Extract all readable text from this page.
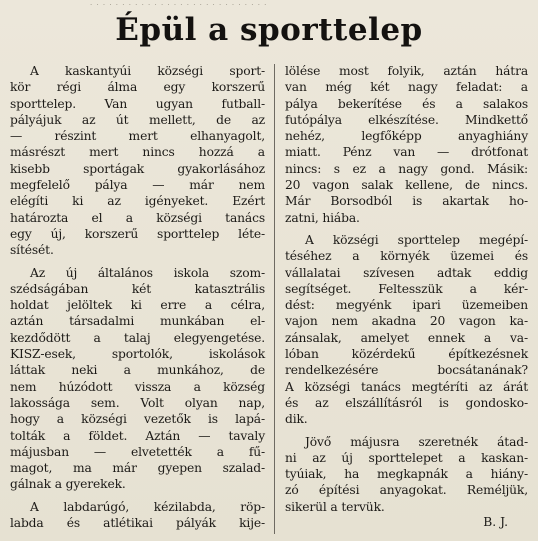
· · · · · · · · · · · · · · · · · · · · · · · · · · · ·
Épül a sporttelep
A kaskantyúi községi sport-
kör régi álma egy korszerű
sporttelep. Van ugyan futball-
pályájuk az út mellett, de az
— részint mert elhanyagolt,
másrészt mert nincs hozzá a
kisebb sportágak gyakorlásához
megfelelő pálya — már nem
elégíti ki az igényeket. Ezért
határozta el a községi tanács
egy új, korszerű sporttelep léte-
sítését.
Az új általános iskola szom-
szédságában két katasztrális
holdat jelöltek ki erre a célra,
aztán társadalmi munkában el-
kezdődött a talaj elegyengetése.
KISZ-esek, sportolók, iskolások
láttak neki a munkához, de
nem húzódott vissza a község
lakossága sem. Volt olyan nap,
hogy a községi vezetők is lapá-
tolták a földet. Aztán — tavaly
májusban — elvetették a fű-
magot, ma már gyepen szalad-
gálnak a gyerekek.
A labdarúgó, kézilabda, röp-
labda és atlétikai pályák kije-
lölése most folyik, aztán hátra
van még két nagy feladat: a
pálya bekerítése és a salakos
futópálya elkészítése. Mindkettő
nehéz, legfőképp anyaghiány
miatt. Pénz van — drótfonat
nincs: s ez a nagy gond. Másik:
20 vagon salak kellene, de nincs.
Már Borsodból is akartak ho-
zatni, hiába.
A községi sporttelep megépí-
téséhez a környék üzemei és
vállalatai szívesen adtak eddig
segítséget. Feltesszük a kér-
dést: megyénk ipari üzemeiben
vajon nem akadna 20 vagon ka-
zánsalak, amelyet ennek a va-
lóban közérdekű építkezésnek
rendelkezésére bocsátanának?
A községi tanács megtéríti az árát
és az elszállításról is gondosko-
dik.
Jövő májusra szeretnék átad-
ni az új sporttelepet a kaskan-
tyúiak, ha megkapnák a hiány-
zó építési anyagokat. Reméljük,
sikerül a tervük.
B. J.
